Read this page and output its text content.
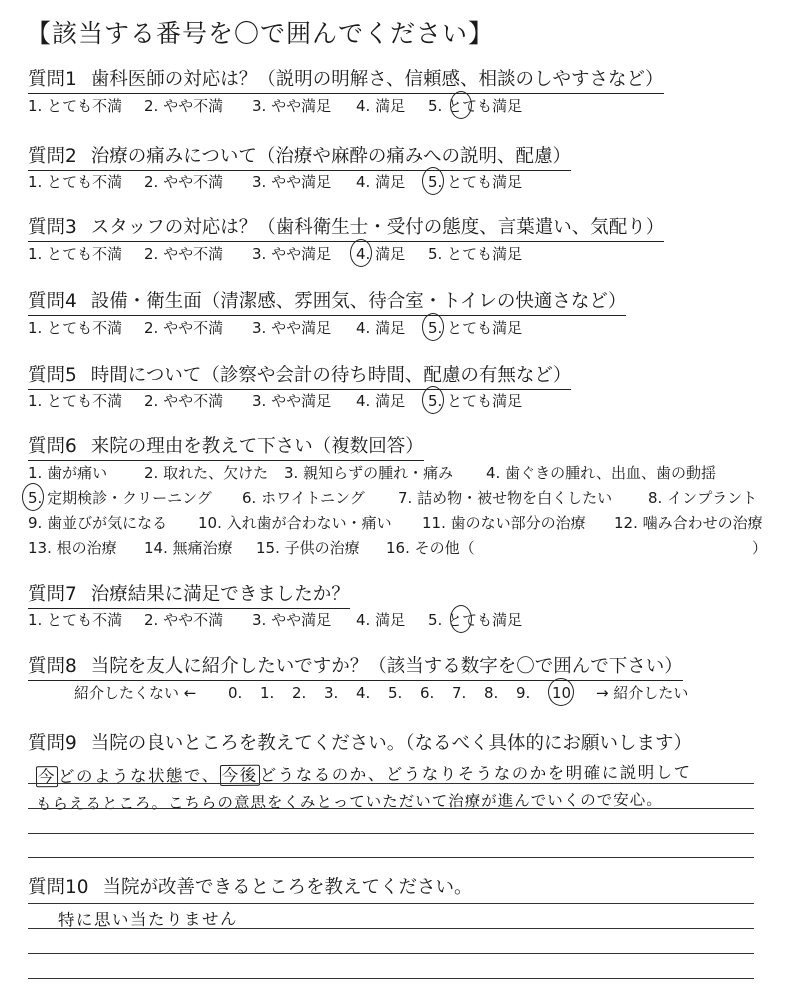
【該当する番号を〇で囲んでください】
質問1 歯科医師の対応は？（説明の明解さ、信頼感、相談のしやすさなど）
1. とても不満 2. やや不満 3. やや満足 4. 満足 5. とても満足
質問2 治療の痛みについて（治療や麻酔の痛みへの説明、配慮）
1. とても不満 2. やや不満 3. やや満足 4. 満足 5. とても満足
質問3 スタッフの対応は？（歯科衛生士・受付の態度、言葉遣い、気配り）
1. とても不満 2. やや不満 3. やや満足 4. 満足 5. とても満足
質問4 設備・衛生面（清潔感、雰囲気、待合室・トイレの快適さなど）
1. とても不満 2. やや不満 3. やや満足 4. 満足 5. とても満足
質問5 時間について（診察や会計の待ち時間、配慮の有無など）
1. とても不満 2. やや不満 3. やや満足 4. 満足 5. とても満足
質問6 来院の理由を教えて下さい（複数回答）
1. 歯が痛い 2. 取れた、欠けた 3. 親知らずの腫れ・痛み 4. 歯ぐきの腫れ、出血、歯の動揺
5. 定期検診・クリーニング 6. ホワイトニング 7. 詰め物・被せ物を白くしたい 8. インプラント
9. 歯並びが気になる 10. 入れ歯が合わない・痛い 11. 歯のない部分の治療 12. 噛み合わせの治療
13. 根の治療 14. 無痛治療 15. 子供の治療 16. その他（	）
質問7 治療結果に満足できましたか？
1. とても不満 2. やや不満 3. やや満足 4. 満足 5. とても満足
質問8 当院を友人に紹介したいですか？（該当する数字を〇で囲んで下さい）
紹介したくない ← 0. 1. 2. 3. 4. 5. 6. 7. 8. 9. 10 → 紹介したい
質問9 当院の良いところを教えてください。（なるべく具体的にお願いします）
今 どのような状態で、 今後 どうなるのか、どうなりそうなのかを明確に説明して
もらえるところ。こちらの意思をくみとっていただいて治療が進んでいくので安心。
質問10 当院が改善できるところを教えてください。
特に思い当たりません
